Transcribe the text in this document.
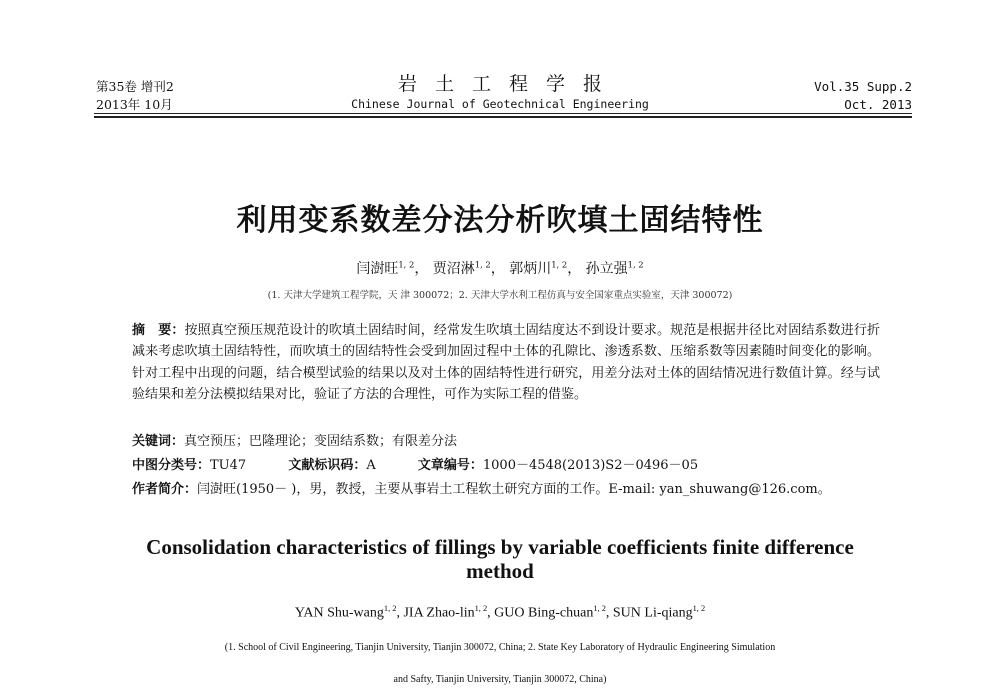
第35卷 增刊2
2013年 10月
岩土工程学报
Chinese Journal of Geotechnical Engineering
Vol.35 Supp.2
Oct. 2013
利用变系数差分法分析吹填土固结特性
闫澍旺$^{1, 2}$， 贾沼淋$^{1, 2}$， 郭炳川$^{1, 2}$， 孙立强$^{1, 2}$
(1. 天津大学建筑工程学院，天 津 300072；2. 天津大学水利工程仿真与安全国家重点实验室，天津 300072)
摘　要：按照真空预压规范设计的吹填土固结时间，经常发生吹填土固结度达不到设计要求。规范是根据井径比对固结系数进行折减来考虑吹填土固结特性，而吹填土的固结特性会受到加固过程中土体的孔隙比、渗透系数、压缩系数等因素随时间变化的影响。针对工程中出现的问题，结合模型试验的结果以及对土体的固结特性进行研究，用差分法对土体的固结情况进行数值计算。经与试验结果和差分法模拟结果对比，验证了方法的合理性，可作为实际工程的借鉴。
关键词：真空预压；巴隆理论；变固结系数；有限差分法
中图分类号：TU47	文献标识码：A	文章编号：1000－4548(2013)S2－0496－05
作者简介：闫澍旺(1950－ )，男，教授，主要从事岩土工程软土研究方面的工作。E-mail: yan_shuwang@126.com。
Consolidation characteristics of fillings by variable coefficients finite difference method
YAN Shu-wang$^{1, 2}$, JIA Zhao-lin$^{1, 2}$, GUO Bing-chuan$^{1, 2}$, SUN Li-qiang$^{1, 2}$
(1. School of Civil Engineering, Tianjin University, Tianjin 300072, China; 2. State Key Laboratory of Hydraulic Engineering Simulation
and Safty, Tianjin University, Tianjin 300072, China)
